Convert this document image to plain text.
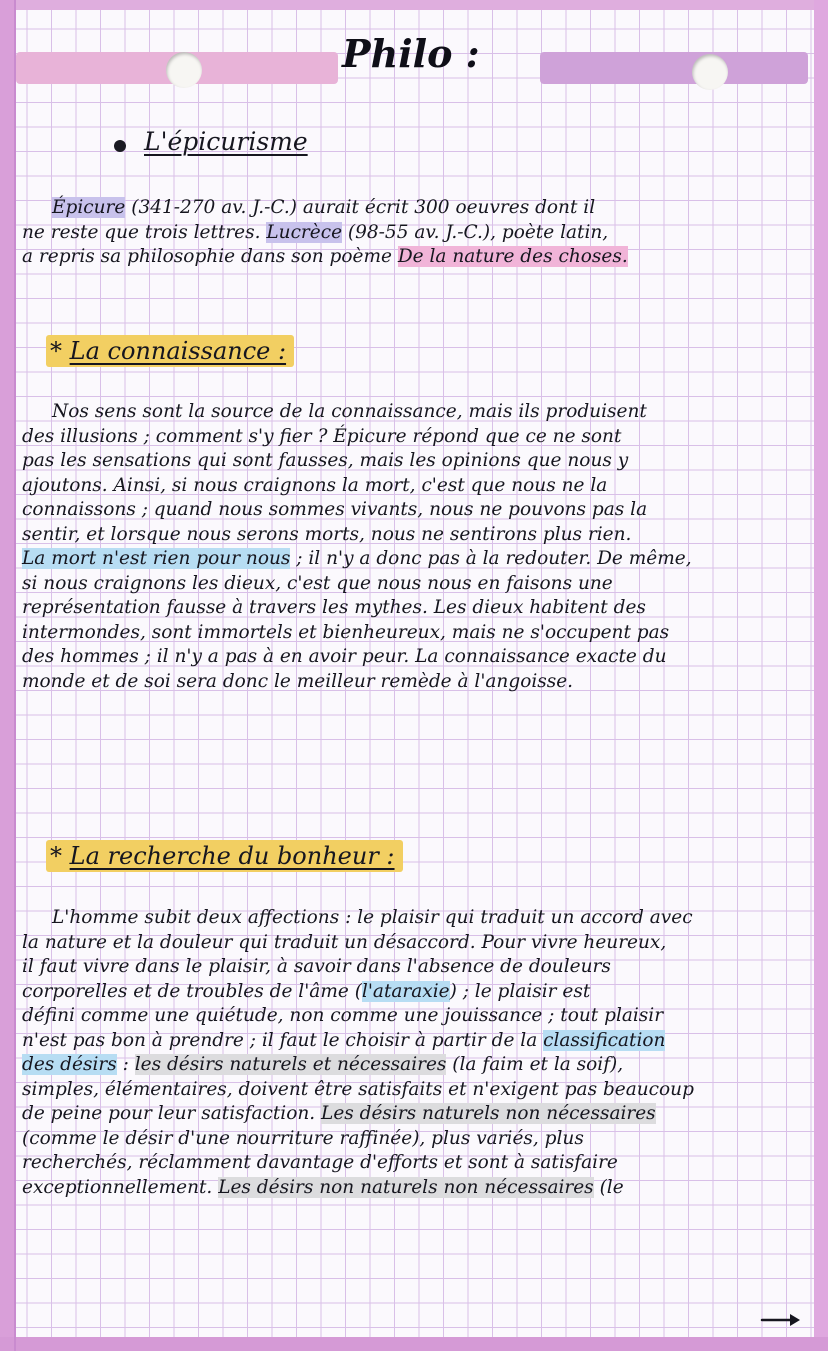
Philo :
L'épicurisme
Épicure (341-270 av. J.-C.) aurait écrit 300 oeuvres dont il
ne reste que trois lettres. Lucrèce (98-55 av. J.-C.), poète latin,
a repris sa philosophie dans son poème De la nature des choses.
* La connaissance :
Nos sens sont la source de la connaissance, mais ils produisent
des illusions ; comment s'y fier ? Épicure répond que ce ne sont
pas les sensations qui sont fausses, mais les opinions que nous y
ajoutons. Ainsi, si nous craignons la mort, c'est que nous ne la
connaissons ; quand nous sommes vivants, nous ne pouvons pas la
sentir, et lorsque nous serons morts, nous ne sentirons plus rien.
La mort n'est rien pour nous ; il n'y a donc pas à la redouter. De même,
si nous craignons les dieux, c'est que nous nous en faisons une
représentation fausse à travers les mythes. Les dieux habitent des
intermondes, sont immortels et bienheureux, mais ne s'occupent pas
des hommes ; il n'y a pas à en avoir peur. La connaissance exacte du
monde et de soi sera donc le meilleur remède à l'angoisse.
* La recherche du bonheur :
L'homme subit deux affections : le plaisir qui traduit un accord avec
la nature et la douleur qui traduit un désaccord. Pour vivre heureux,
il faut vivre dans le plaisir, à savoir dans l'absence de douleurs
corporelles et de troubles de l'âme (l'ataraxie) ; le plaisir est
défini comme une quiétude, non comme une jouissance ; tout plaisir
n'est pas bon à prendre ; il faut le choisir à partir de la classification
des désirs : les désirs naturels et nécessaires (la faim et la soif),
simples, élémentaires, doivent être satisfaits et n'exigent pas beaucoup
de peine pour leur satisfaction. Les désirs naturels non nécessaires
(comme le désir d'une nourriture raffinée), plus variés, plus
recherchés, réclamment davantage d'efforts et sont à satisfaire
exceptionnellement. Les désirs non naturels non nécessaires (le
